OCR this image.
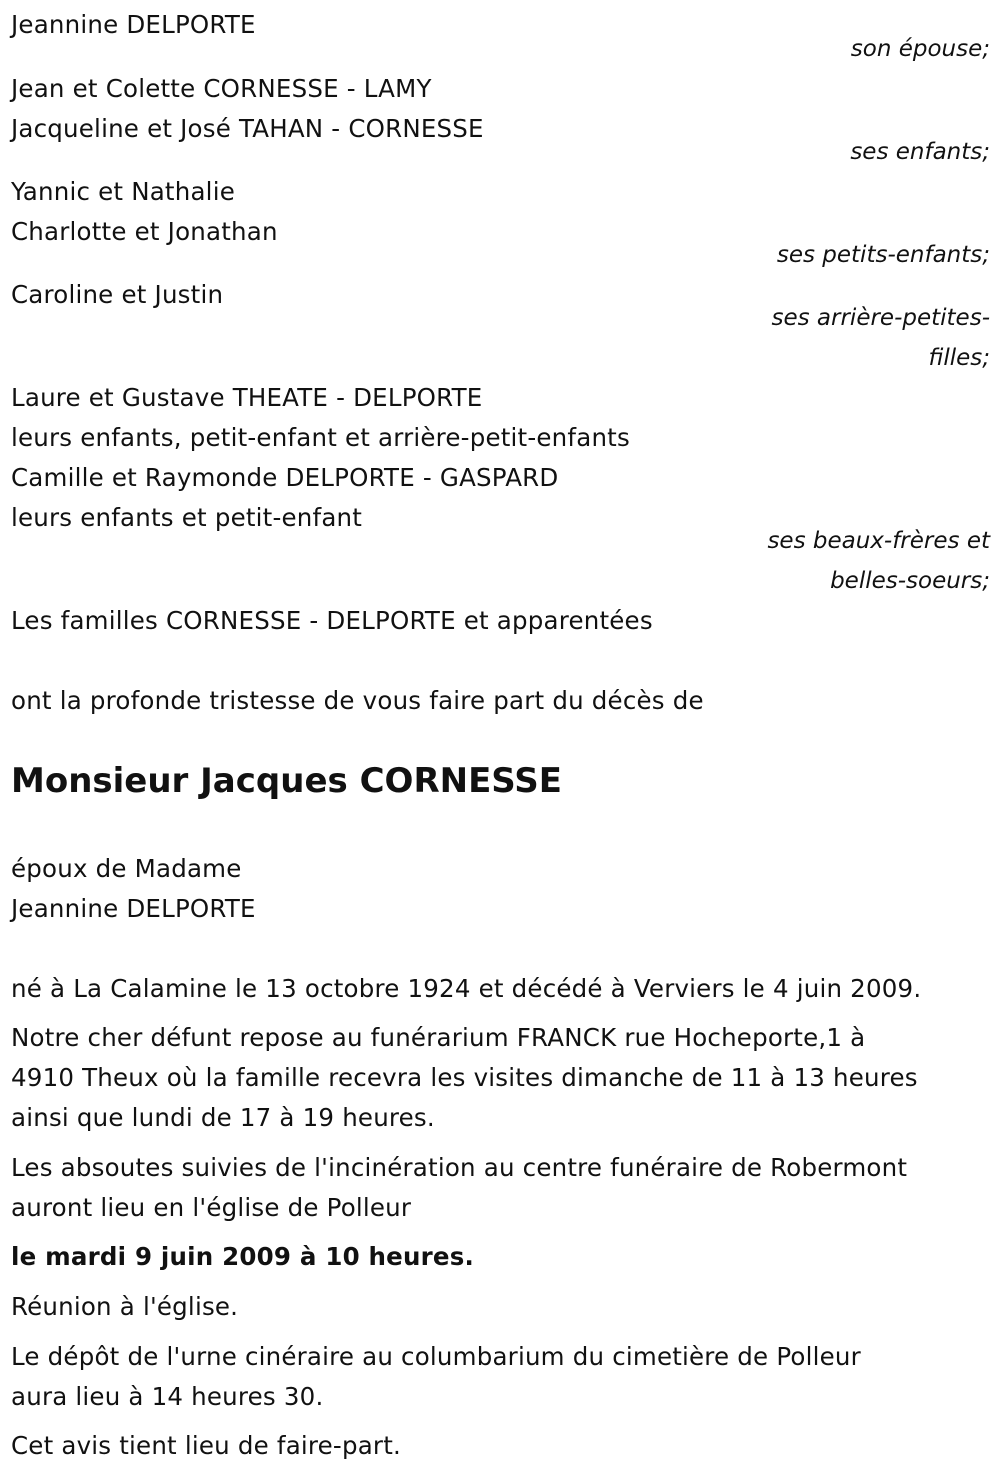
Jeannine DELPORTE
son épouse;
Jean et Colette CORNESSE - LAMY
Jacqueline et José TAHAN - CORNESSE
ses enfants;
Yannic et Nathalie
Charlotte et Jonathan
ses petits-enfants;
Caroline et Justin
ses arrière-petites-
filles;
Laure et Gustave THEATE - DELPORTE
leurs enfants, petit-enfant et arrière-petit-enfants
Camille et Raymonde DELPORTE - GASPARD
leurs enfants et petit-enfant
ses beaux-frères et
belles-soeurs;
Les familles CORNESSE - DELPORTE et apparentées
ont la profonde tristesse de vous faire part du décès de
Monsieur Jacques CORNESSE
époux de Madame
Jeannine DELPORTE
né à La Calamine le 13 octobre 1924 et décédé à Verviers le 4 juin 2009.
Notre cher défunt repose au funérarium FRANCK rue Hocheporte,1 à
4910 Theux où la famille recevra les visites dimanche de 11 à 13 heures
ainsi que lundi de 17 à 19 heures.
Les absoutes suivies de l'incinération au centre funéraire de Robermont
auront lieu en l'église de Polleur
le mardi 9 juin 2009 à 10 heures.
Réunion à l'église.
Le dépôt de l'urne cinéraire au columbarium du cimetière de Polleur
aura lieu à 14 heures 30.
Cet avis tient lieu de faire-part.
